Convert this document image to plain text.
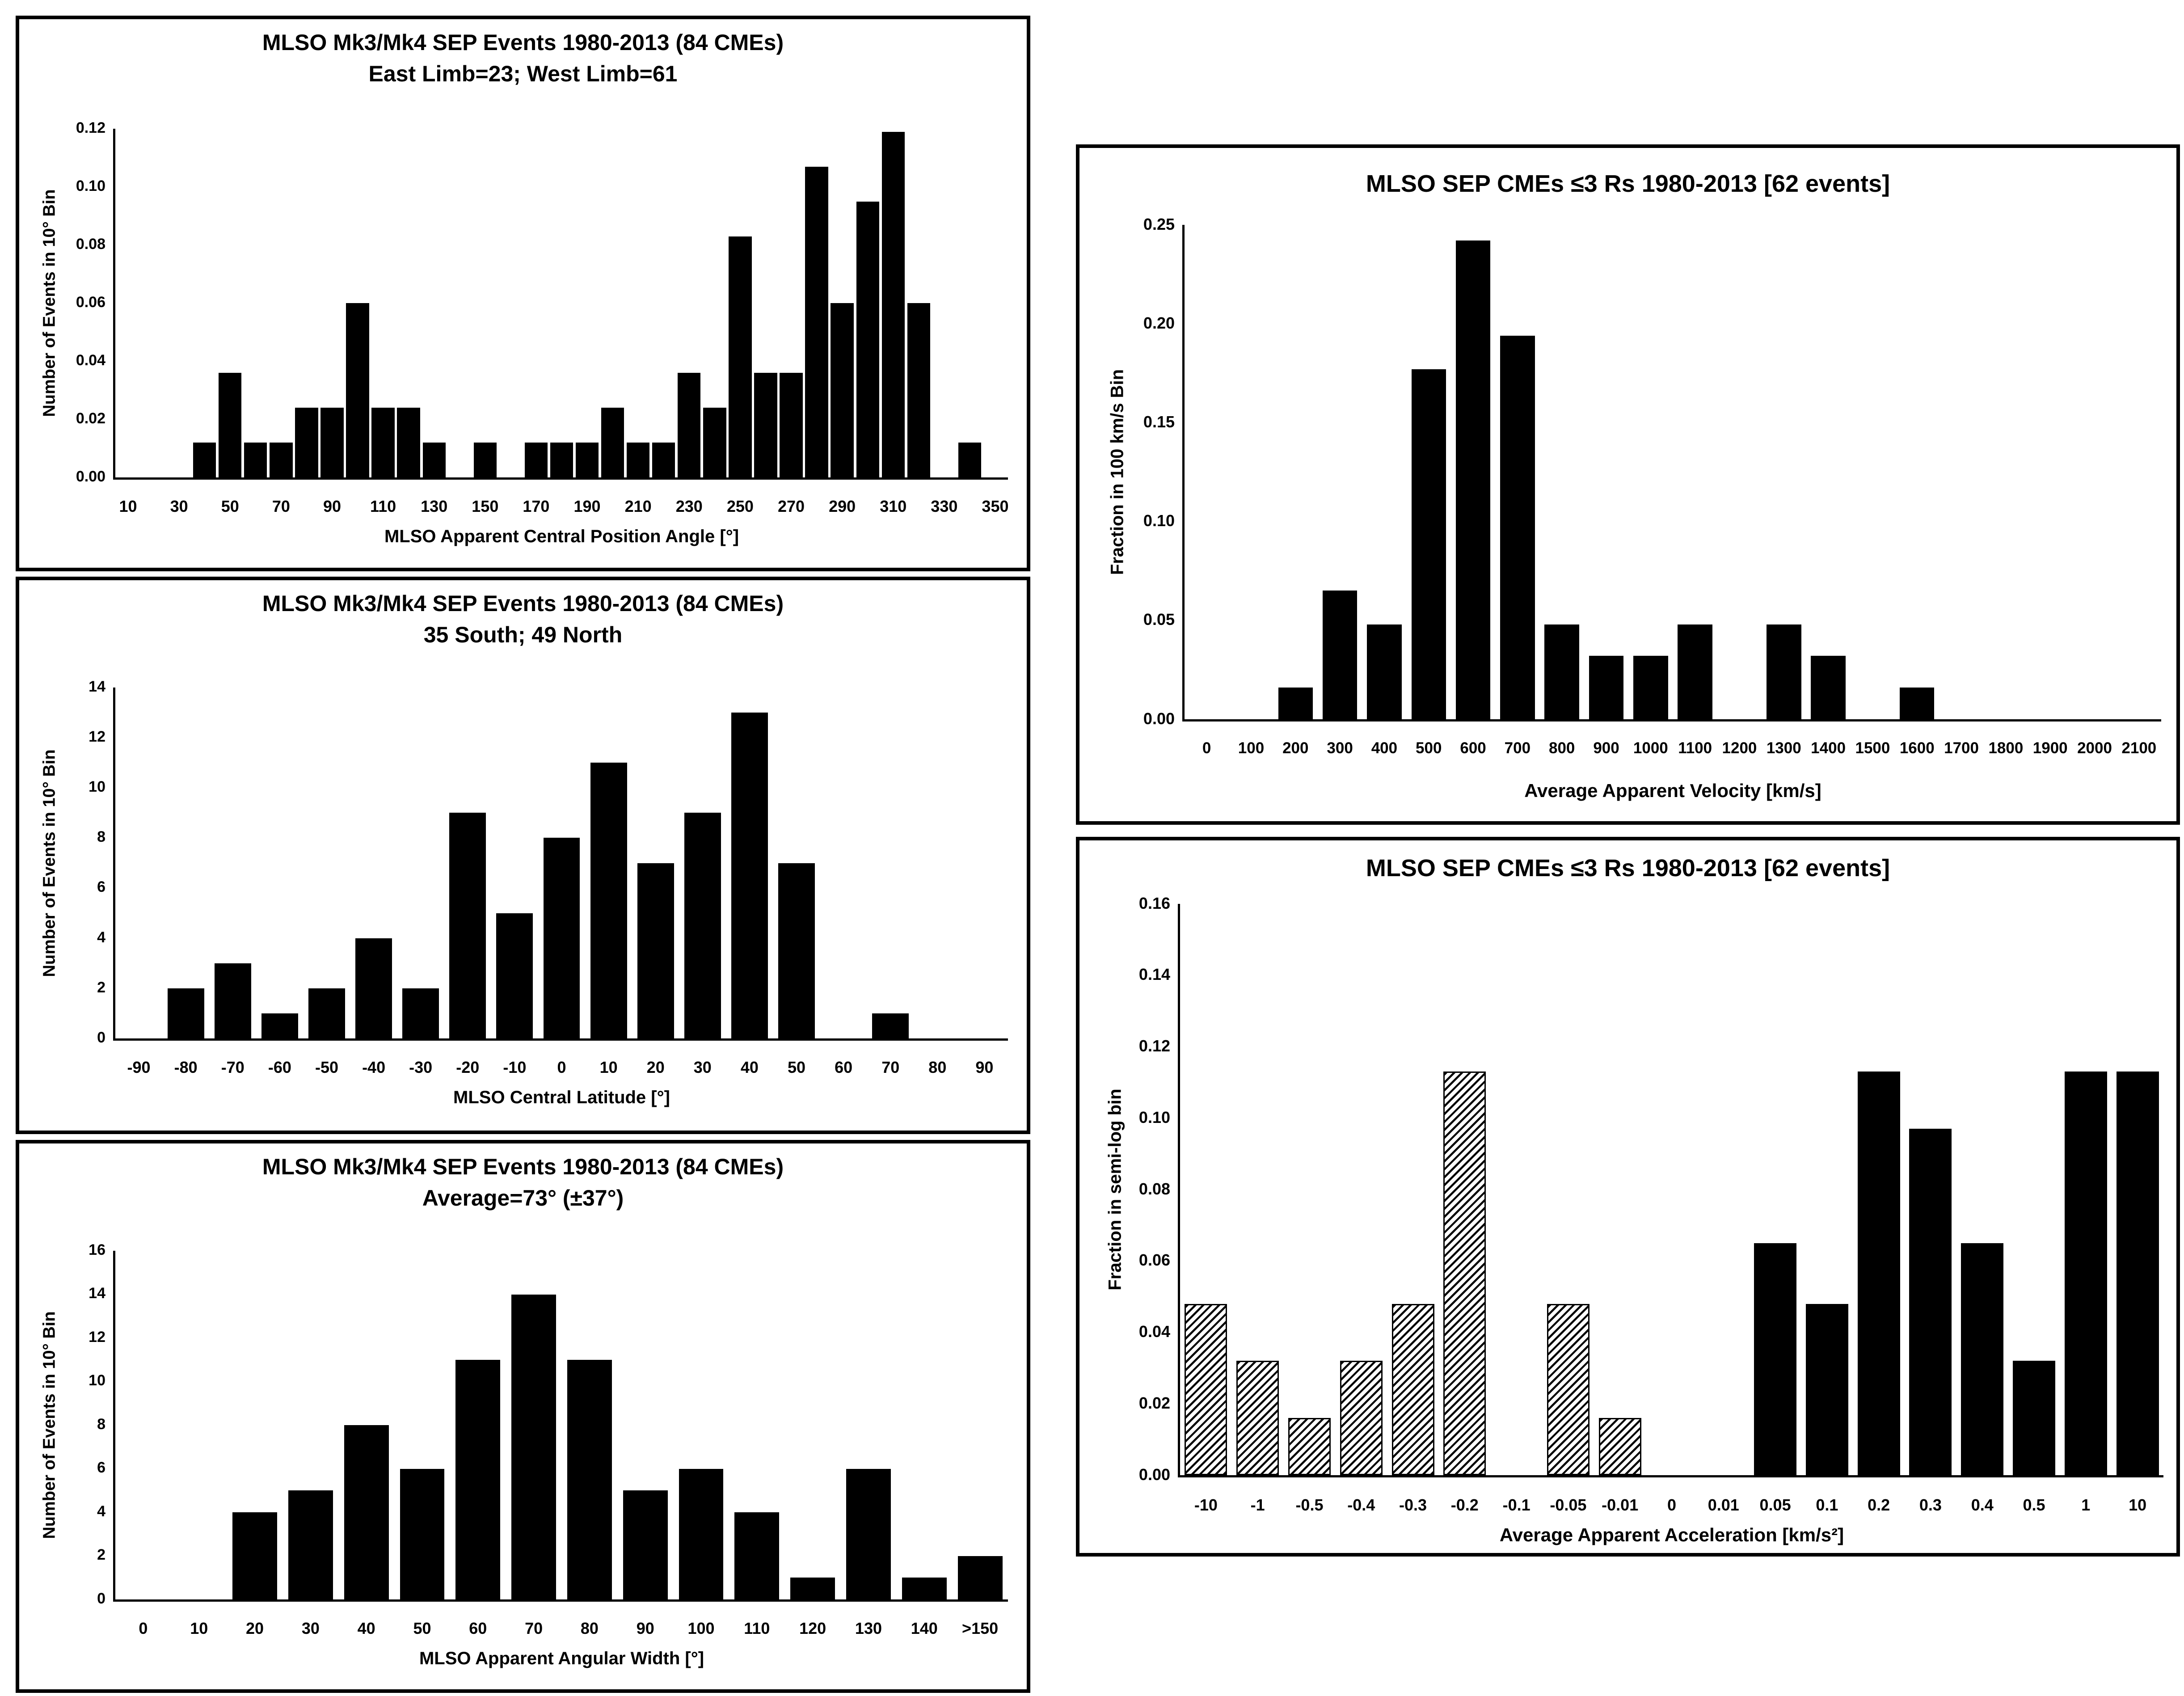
MLSO Mk3/Mk4 SEP Events 1980-2013 (84 CMEs)
East Limb=23; West Limb=61
Number of Events in 10° Bin
MLSO Apparent Central Position Angle [°]
0.00
0.02
0.04
0.06
0.08
0.10
0.12
10	30	50	70	90	110	130	150	170	190	210	230	250	270	290	310	330	350
MLSO Mk3/Mk4 SEP Events 1980-2013 (84 CMEs)
35 South; 49 North
Number of Events in 10° Bin
MLSO Central Latitude [°]
0
2
4
6
8
10
12
14
-90	-80	-70	-60	-50	-40	-30	-20	-10	0	10	20	30	40	50	60	70	80	90
MLSO Mk3/Mk4 SEP Events 1980-2013 (84 CMEs)
Average=73° (±37°)
Number of Events in 10° Bin
MLSO Apparent Angular Width [°]
0
2
4
6
8
10
12
14
16
0	10	20	30	40	50	60	70	80	90	100	110	120	130	140	>150
MLSO SEP CMEs ≤3 Rs 1980-2013 [62 events]
Fraction in 100 km/s Bin
Average Apparent Velocity [km/s]
0.00
0.05
0.10
0.15
0.20
0.25
0	100	200	300	400	500	600	700	800	900 1000 1100 1200 1300 1400 1500 1600 1700 1800 1900 2000 2100
MLSO SEP CMEs ≤3 Rs 1980-2013 [62 events]
Fraction in semi-log bin
Average Apparent Acceleration [km/s²]
0.00
0.02
0.04
0.06
0.08
0.10
0.12
0.14
0.16
-10	-1	-0.5	-0.4	-0.3	-0.2	-0.1	-0.05 -0.01	0	0.01	0.05	0.1	0.2	0.3	0.4	0.5	1	10
